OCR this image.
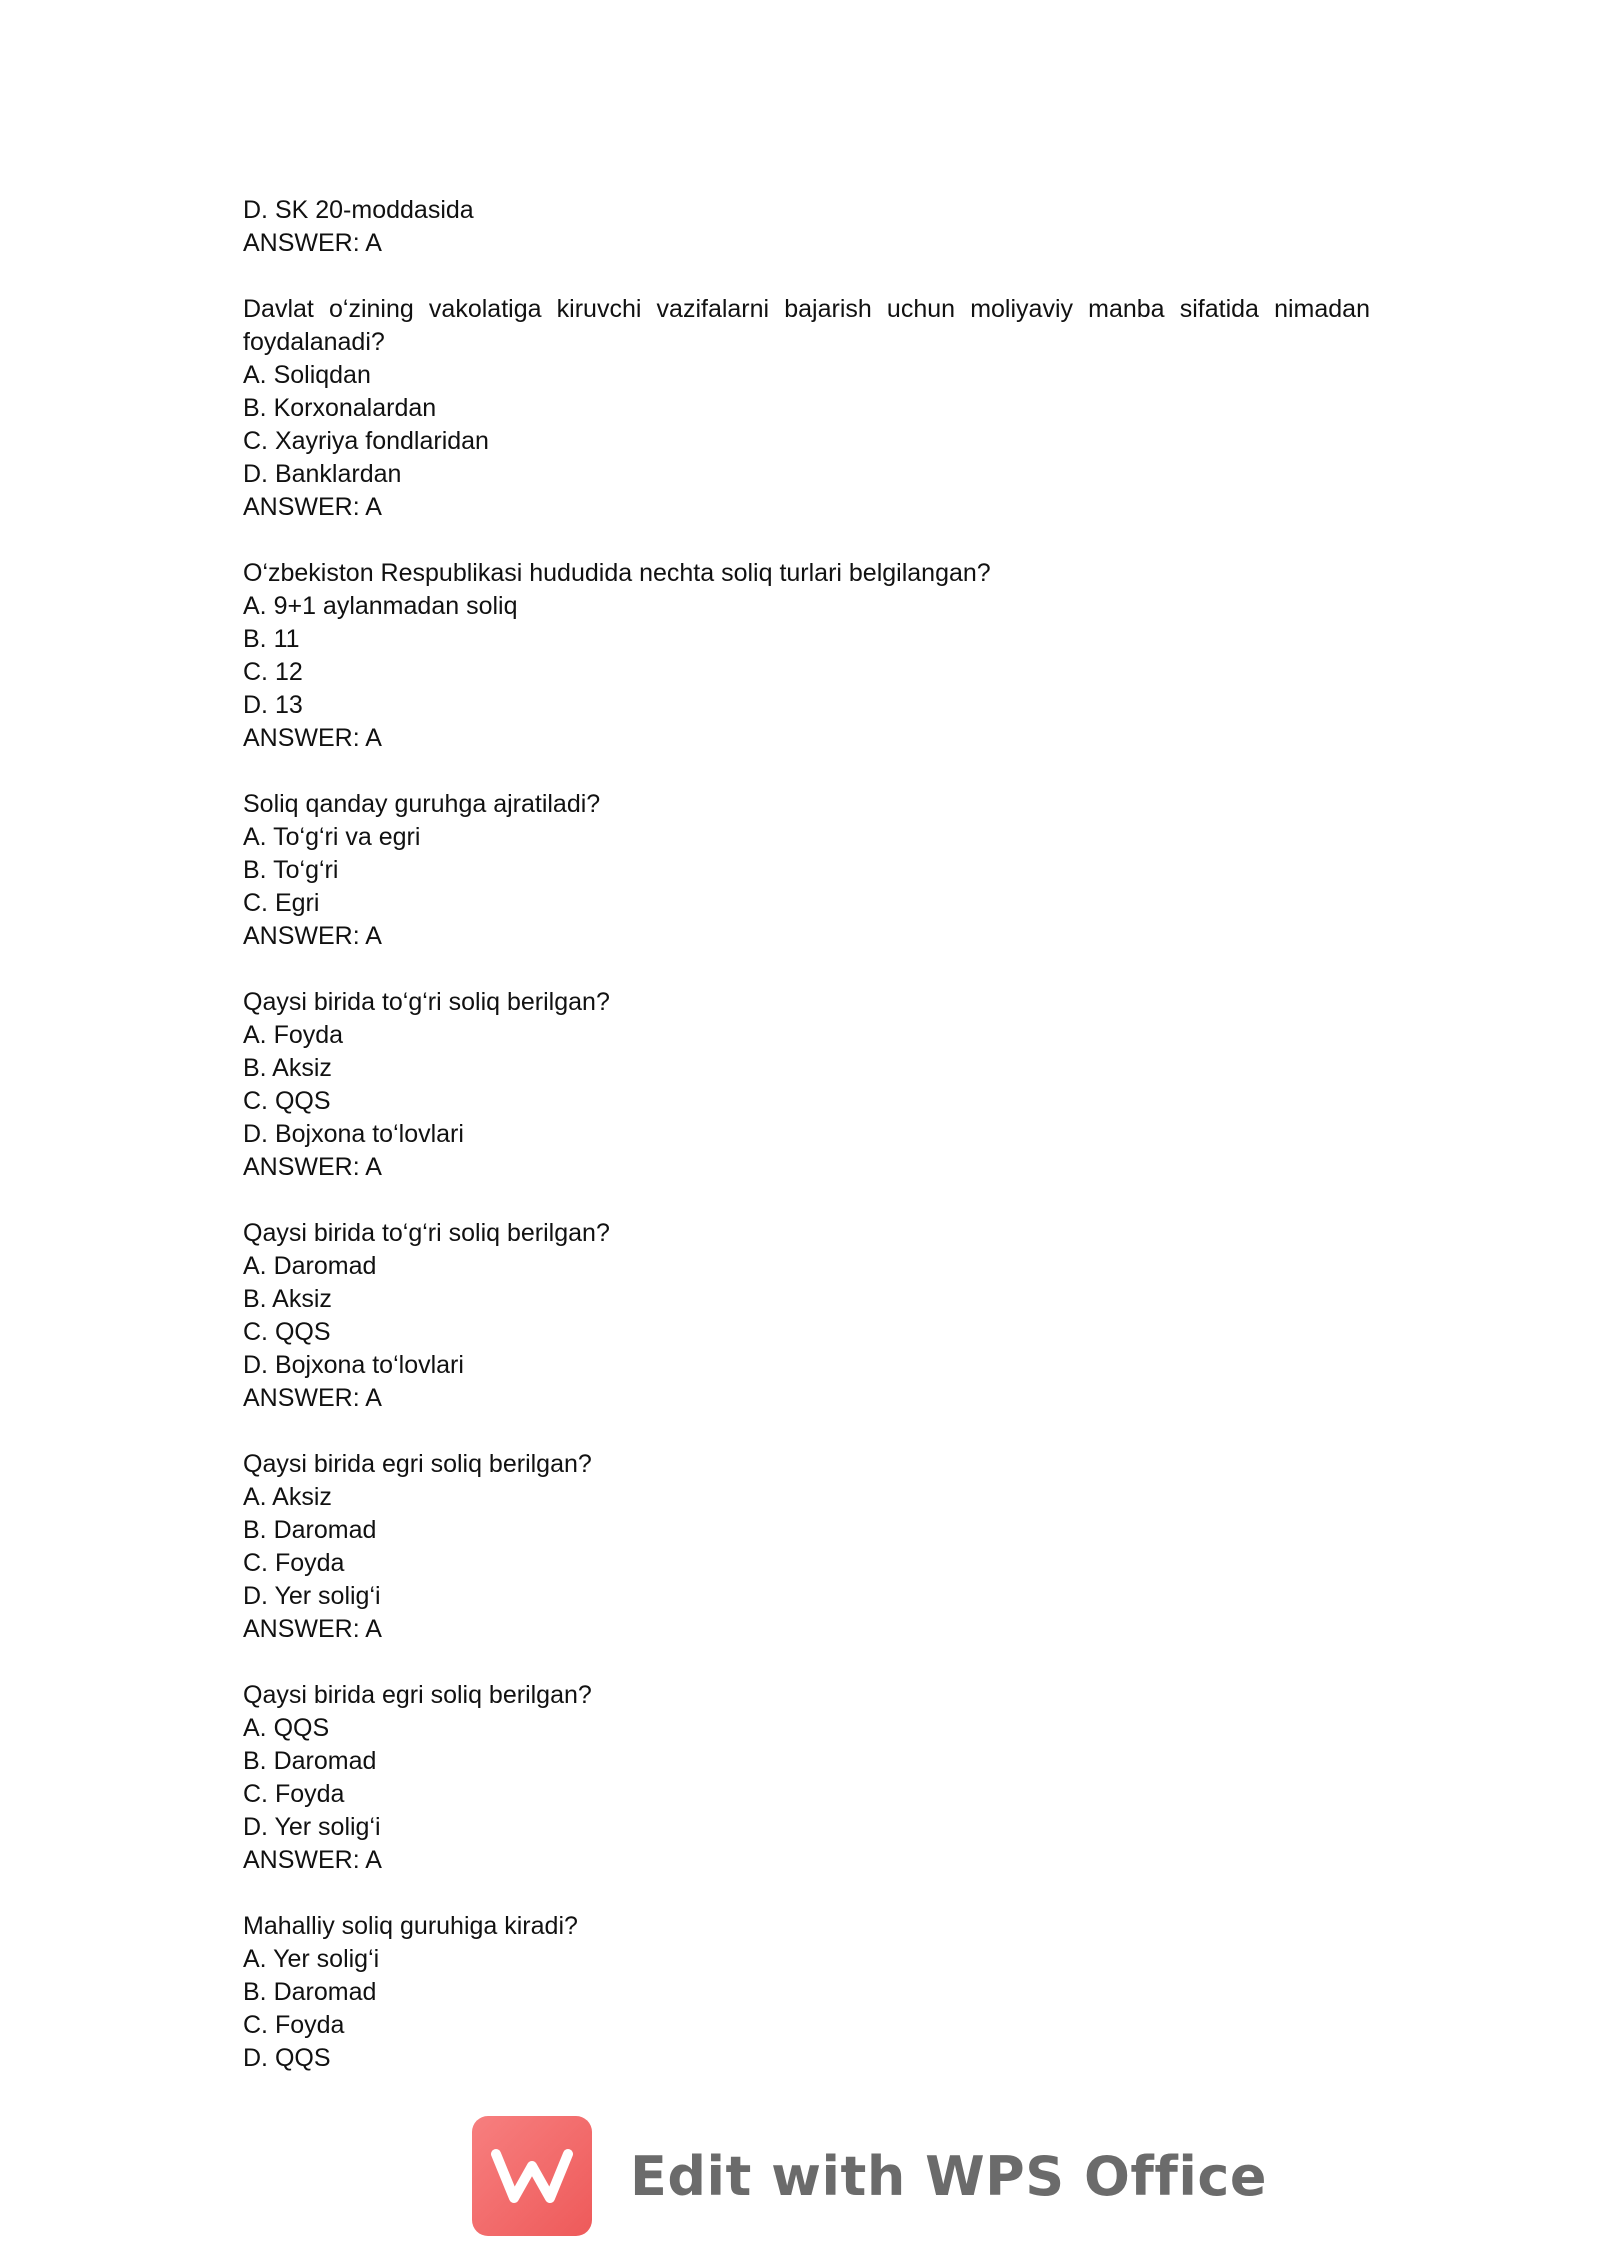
D. SK 20-moddasida
ANSWER: A
Davlat o‘zining vakolatiga kiruvchi vazifalarni bajarish uchun moliyaviy manba sifatida nimadan foydalanadi?
A. Soliqdan
B. Korxonalardan
C. Xayriya fondlaridan
D. Banklardan
ANSWER: A
O‘zbekiston Respublikasi hududida nechta soliq turlari belgilangan?
A. 9+1 aylanmadan soliq
B. 11
C. 12
D. 13
ANSWER: A
Soliq qanday guruhga ajratiladi?
A. To‘g‘ri va egri
B. To‘g‘ri
C. Egri
ANSWER: A
Qaysi birida to‘g‘ri soliq berilgan?
A. Foyda
B. Aksiz
C. QQS
D. Bojxona to‘lovlari
ANSWER: A
Qaysi birida to‘g‘ri soliq berilgan?
A. Daromad
B. Aksiz
C. QQS
D. Bojxona to‘lovlari
ANSWER: A
Qaysi birida egri soliq berilgan?
A. Aksiz
B. Daromad
C. Foyda
D. Yer solig‘i
ANSWER: A
Qaysi birida egri soliq berilgan?
A. QQS
B. Daromad
C. Foyda
D. Yer solig‘i
ANSWER: A
Mahalliy soliq guruhiga kiradi?
A. Yer solig‘i
B. Daromad
C. Foyda
D. QQS
Edit with WPS Office
